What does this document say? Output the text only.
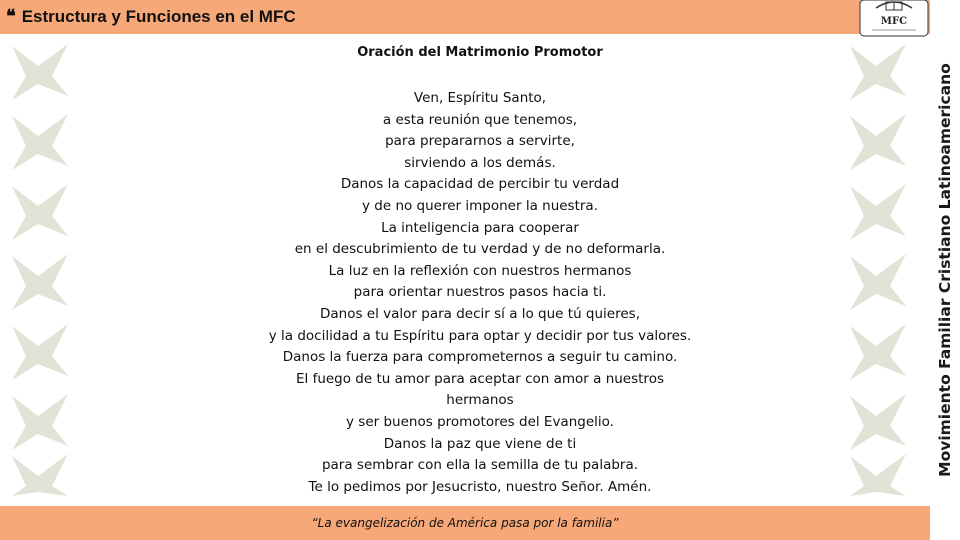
❝ Estructura y Funciones en el MFC	MFC
Movimiento Familiar Cristiano Latinoamericano
Oración del Matrimonio Promotor
Ven, Espíritu Santo,
a esta reunión que tenemos,
para prepararnos a servirte,
sirviendo a los demás.
Danos la capacidad de percibir tu verdad
y de no querer imponer la nuestra.
La inteligencia para cooperar
en el descubrimiento de tu verdad y de no deformarla.
La luz en la reflexión con nuestros hermanos
para orientar nuestros pasos hacia ti.
Danos el valor para decir sí a lo que tú quieres,
y la docilidad a tu Espíritu para optar y decidir por tus valores.
Danos la fuerza para comprometernos a seguir tu camino.
El fuego de tu amor para aceptar con amor a nuestros
hermanos
y ser buenos promotores del Evangelio.
Danos la paz que viene de ti
para sembrar con ella la semilla de tu palabra.
Te lo pedimos por Jesucristo, nuestro Señor. Amén.
“La evangelización de América pasa por la familia”
